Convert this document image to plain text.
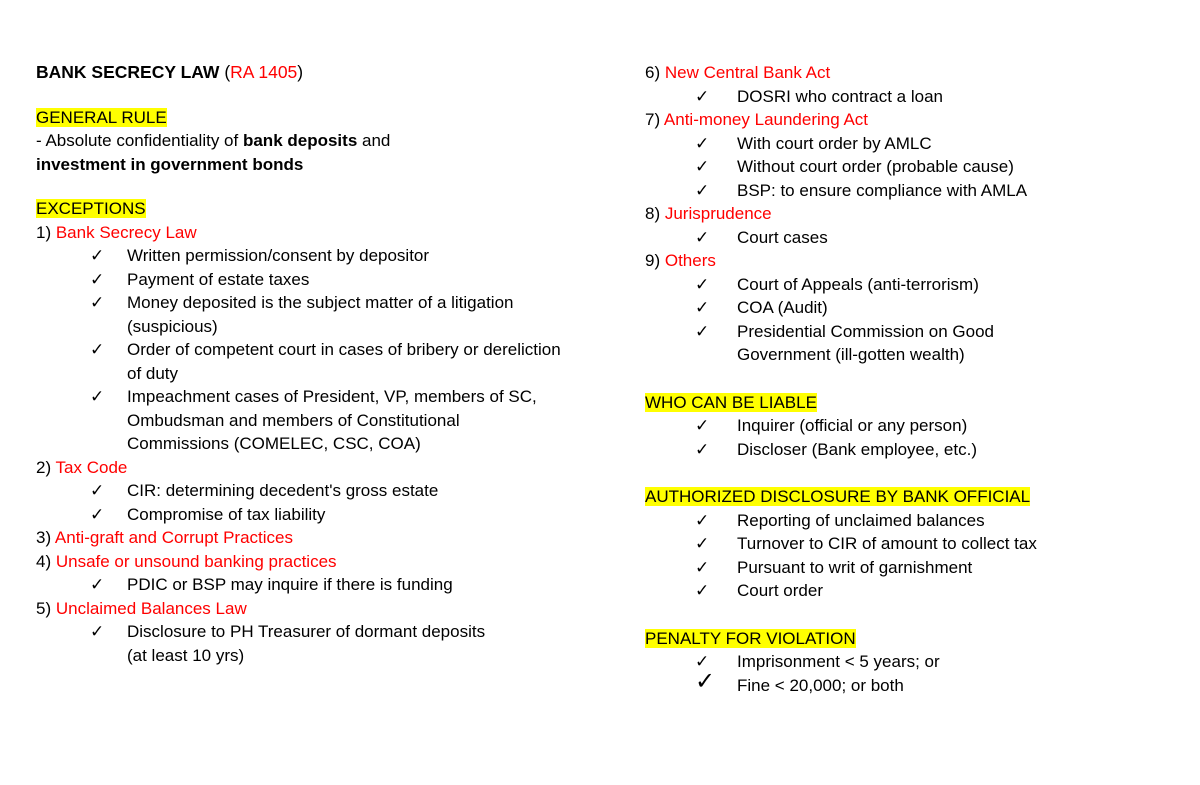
BANK SECRECY LAW (RA 1405)
GENERAL RULE
- Absolute confidentiality of bank deposits and
investment in government bonds
EXCEPTIONS
1) Bank Secrecy Law
✓	Written permission/consent by depositor
✓	Payment of estate taxes
✓	Money deposited is the subject matter of a litigation (suspicious)
✓	Order of competent court in cases of bribery or dereliction of duty
✓	Impeachment cases of President, VP, members of SC, Ombudsman and members of Constitutional Commissions (COMELEC, CSC, COA)
2) Tax Code
✓	CIR: determining decedent's gross estate
✓	Compromise of tax liability
3) Anti-graft and Corrupt Practices
4) Unsafe or unsound banking practices
✓	PDIC or BSP may inquire if there is funding
5) Unclaimed Balances Law
✓	Disclosure to PH Treasurer of dormant deposits (at least 10 yrs)
6) New Central Bank Act
✓	DOSRI who contract a loan
7) Anti-money Laundering Act
✓	With court order by AMLC
✓	Without court order (probable cause)
✓	BSP: to ensure compliance with AMLA
8) Jurisprudence
✓	Court cases
9) Others
✓	Court of Appeals (anti-terrorism)
✓	COA (Audit)
✓	Presidential Commission on Good Government (ill-gotten wealth)
WHO CAN BE LIABLE
✓	Inquirer (official or any person)
✓	Discloser (Bank employee, etc.)
AUTHORIZED DISCLOSURE BY BANK OFFICIAL
✓	Reporting of unclaimed balances
✓	Turnover to CIR of amount to collect tax
✓	Pursuant to writ of garnishment
✓	Court order
PENALTY FOR VIOLATION
✓	Imprisonment < 5 years; or
✓ Fine < 20,000; or both
